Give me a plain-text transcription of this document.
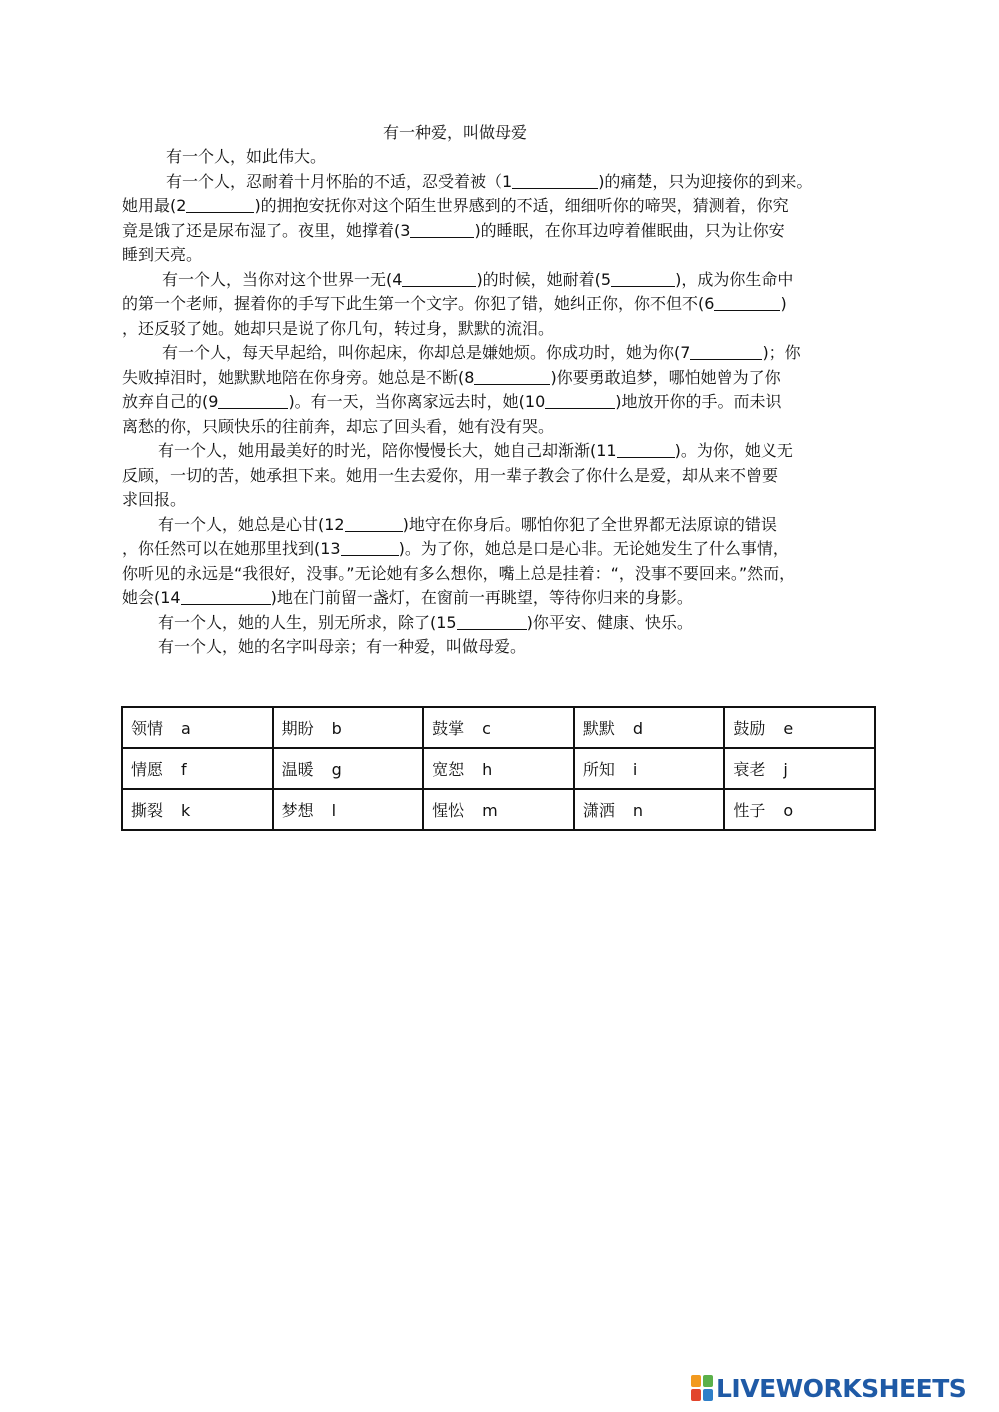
有一种爱，叫做母爱
有一个人，如此伟大。
有一个人，忍耐着十月怀胎的不适，忍受着被（1	)的痛楚，只为迎接你的到来。
她用最(2	)的拥抱安抚你对这个陌生世界感到的不适，细细听你的啼哭，猜测着，你究
竟是饿了还是尿布湿了。夜里，她撑着(3	)的睡眠，在你耳边哼着催眠曲，只为让你安
睡到天亮。
有一个人，当你对这个世界一无(4	)的时候，她耐着(5	)，成为你生命中
的第一个老师，握着你的手写下此生第一个文字。你犯了错，她纠正你，你不但不(6	)
，还反驳了她。她却只是说了你几句，转过身，默默的流泪。
有一个人，每天早起给，叫你起床，你却总是嫌她烦。你成功时，她为你(7	)；你
失败掉泪时，她默默地陪在你身旁。她总是不断(8	)你要勇敢追梦，哪怕她曾为了你
放弃自己的(9	)。有一天，当你离家远去时，她(10	)地放开你的手。而未识
离愁的你，只顾快乐的往前奔，却忘了回头看，她有没有哭。
有一个人，她用最美好的时光，陪你慢慢长大，她自己却渐渐(11	)。为你，她义无
反顾，一切的苦，她承担下来。她用一生去爱你，用一辈子教会了你什么是爱，却从来不曾要
求回报。
有一个人，她总是心甘(12	)地守在你身后。哪怕你犯了全世界都无法原谅的错误
，你任然可以在她那里找到(13	)。为了你，她总是口是心非。无论她发生了什么事情，
你听见的永远是“我很好，没事。”无论她有多么想你，嘴上总是挂着：“，没事不要回来。”然而，
她会(14	)地在门前留一盏灯，在窗前一再眺望，等待你归来的身影。
有一个人，她的人生，别无所求，除了(15	)你平安、健康、快乐。
有一个人，她的名字叫母亲；有一种爱，叫做母爱。
领情 a	期盼 b	鼓掌 c	默默 d	鼓励 e
情愿 f	温暖 g	宽恕 h	所知 i	衰老 j
撕裂 k	梦想 l	惺忪 m	潇洒 n	性子 o
LIVEWORKSHEETS
